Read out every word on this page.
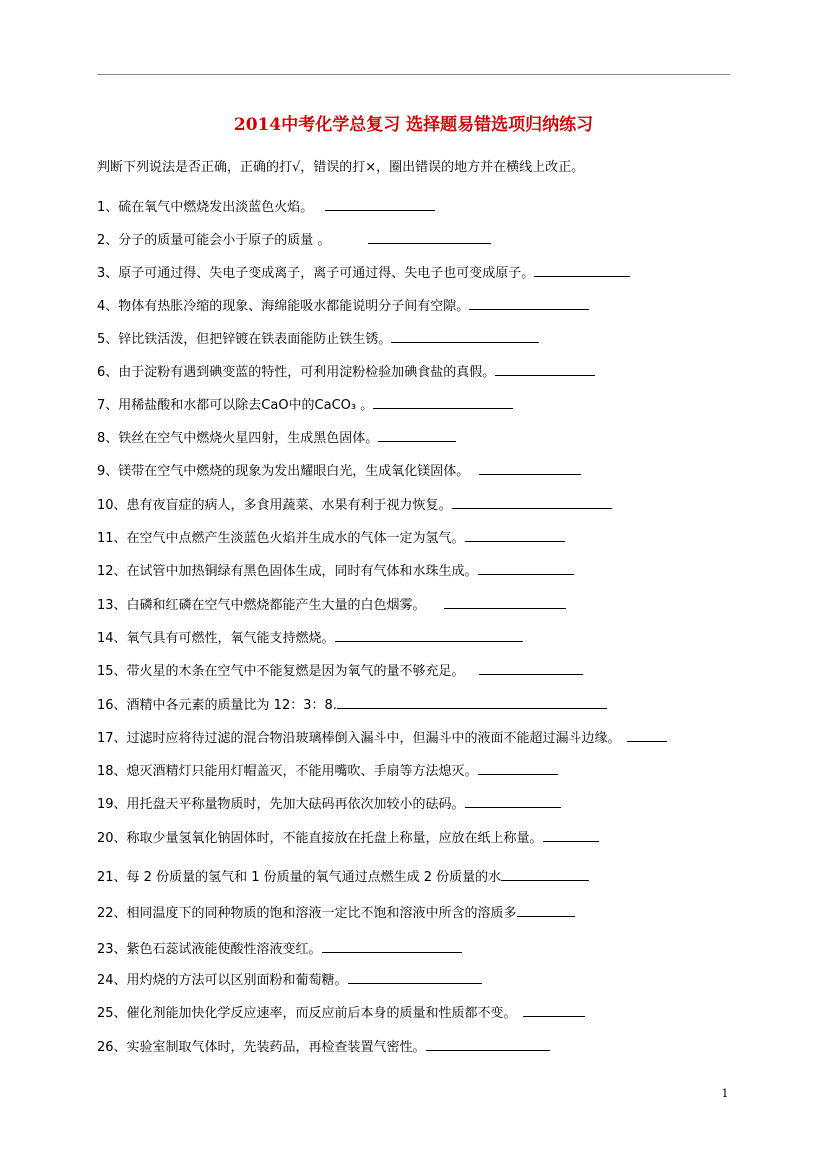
2014中考化学总复习 选择题易错选项归纳练习
判断下列说法是否正确，正确的打√，错误的打×，圈出错误的地方并在横线上改正。
1、硫在氧气中燃烧发出淡蓝色火焰。
2、分子的质量可能会小于原子的质量 。
3、原子可通过得、失电子变成离子，离子可通过得、失电子也可变成原子。
4、物体有热胀冷缩的现象、海绵能吸水都能说明分子间有空隙。
5、锌比铁活泼，但把锌镀在铁表面能防止铁生锈。
6、由于淀粉有遇到碘变蓝的特性，可利用淀粉检验加碘食盐的真假。
7、用稀盐酸和水都可以除去CaO中的CaCO₃ 。
8、铁丝在空气中燃烧火星四射，生成黑色固体。
9、镁带在空气中燃烧的现象为发出耀眼白光，生成氧化镁固体。
10、患有夜盲症的病人，多食用蔬菜、水果有利于视力恢复。
11、在空气中点燃产生淡蓝色火焰并生成水的气体一定为氢气。
12、在试管中加热铜绿有黑色固体生成，同时有气体和水珠生成。
13、白磷和红磷在空气中燃烧都能产生大量的白色烟雾。
14、氧气具有可燃性，氧气能支持燃烧。
15、带火星的木条在空气中不能复燃是因为氧气的量不够充足。
16、酒精中各元素的质量比为 12：3：8.
17、过滤时应将待过滤的混合物沿玻璃棒倒入漏斗中，但漏斗中的液面不能超过漏斗边缘。
18、熄灭酒精灯只能用灯帽盖灭，不能用嘴吹、手扇等方法熄灭。
19、用托盘天平称量物质时，先加大砝码再依次加较小的砝码。
20、称取少量氢氧化钠固体时，不能直接放在托盘上称量，应放在纸上称量。
21、每 2 份质量的氢气和 1 份质量的氧气通过点燃生成 2 份质量的水
22、相同温度下的同种物质的饱和溶液一定比不饱和溶液中所含的溶质多
23、紫色石蕊试液能使酸性溶液变红。
24、用灼烧的方法可以区别面粉和葡萄糖。
25、催化剂能加快化学反应速率，而反应前后本身的质量和性质都不变。
26、实验室制取气体时，先装药品，再检查装置气密性。
1
